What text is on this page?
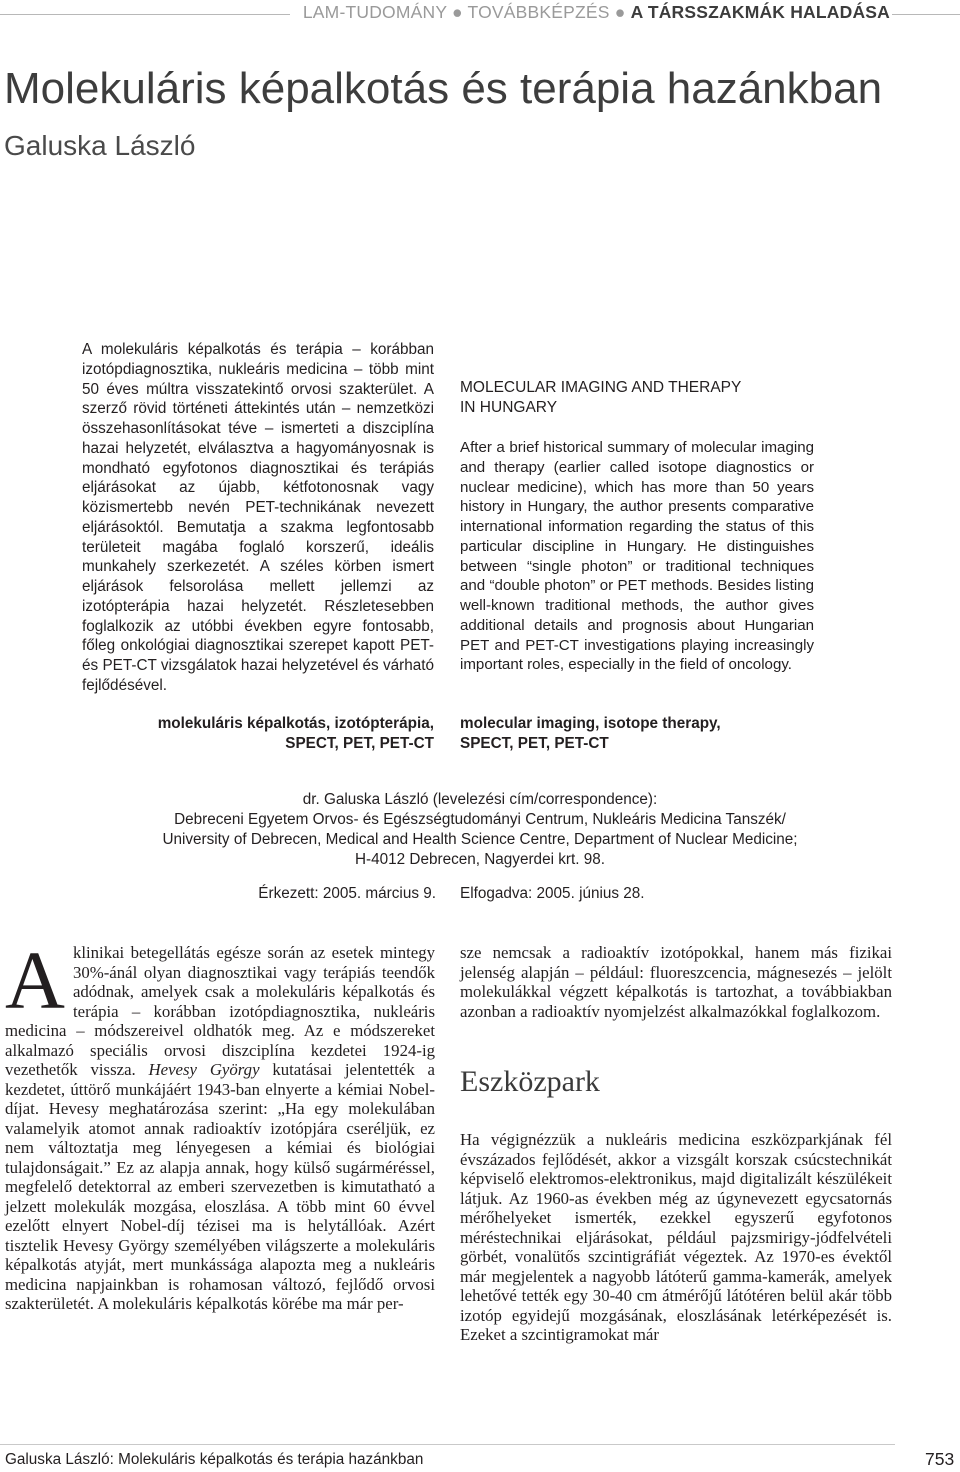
LAM-TUDOMÁNY ● TOVÁBBKÉPZÉS ● A TÁRSSZAKMÁK HALADÁSA
Molekuláris képalkotás és terápia hazánkban
Galuska László
A molekuláris képalkotás és terápia – korábban izotópdiagnosztika, nukleáris medicina – több mint 50 éves múltra visszatekintő orvosi szakterület. A szerző rövid történeti áttekintés után – nemzetközi összehasonlításokat téve – ismerteti a diszciplína hazai helyzetét, elválasztva a hagyományosnak is mondható egyfotonos diagnosztikai és terápiás eljárásokat az újabb, kétfotonosnak vagy közismertebb nevén PET-technikának nevezett eljárásoktól. Bemutatja a szakma legfontosabb területeit magába foglaló korszerű, ideális munkahely szerkezetét. A széles körben ismert eljárások felsorolása mellett jellemzi az izotópterápia hazai helyzetét. Részletesebben foglalkozik az utóbbi években egyre fontosabb, főleg onkológiai diagnosztikai szerepet kapott PET- és PET-CT vizsgálatok hazai helyzetével és várható fejlődésével.
molekuláris képalkotás, izotópterápia,
SPECT, PET, PET-CT
MOLECULAR IMAGING AND THERAPY
IN HUNGARY
After a brief historical summary of molecular imaging and therapy (earlier called isotope diagnostics or nuclear medicine), which has more than 50 years history in Hungary, the author presents comparative international information regarding the status of this particular discipline in Hungary. He distinguishes between “single photon” or traditional techniques and “double photon” or PET methods. Besides listing well-known traditional methods, the author gives additional details and prognosis about Hungarian PET and PET-CT investigations playing increasingly important roles, especially in the field of oncology.
molecular imaging, isotope therapy,
SPECT, PET, PET-CT
dr. Galuska László (levelezési cím/correspondence):
Debreceni Egyetem Orvos- és Egészségtudományi Centrum, Nukleáris Medicina Tanszék/
University of Debrecen, Medical and Health Science Centre, Department of Nuclear Medicine;
H-4012 Debrecen, Nagyerdei krt. 98.
Érkezett: 2005. március 9. Elfogadva: 2005. június 28.
Aklinikai betegellátás egésze során az esetek mintegy 30%-ánál olyan diagnosztikai vagy terápiás teendők adódnak, amelyek csak a molekuláris képalkotás és terápia – korábban izotópdiagnosztika, nukleáris medicina – módszereivel oldhatók meg. Az e módszereket alkalmazó speciális orvosi diszciplína kezdetei 1924-ig vezethetők vissza. Hevesy György kutatásai jelentették a kezdetet, úttörő munkájáért 1943-ban elnyerte a kémiai Nobel-díjat. Hevesy meghatározása szerint: „Ha egy molekulában valamelyik atomot annak radioaktív izotópjára cseréljük, ez nem változtatja meg lényegesen a kémiai és biológiai tulajdonságait.” Ez az alapja annak, hogy külső sugárméréssel, megfelelő detektorral az emberi szervezetben is kimutatható a jelzett molekulák mozgása, eloszlása. A több mint 60 évvel ezelőtt elnyert Nobel-díj tézisei ma is helytállóak. Azért tisztelik Hevesy György személyében világszerte a molekuláris képalkotás atyját, mert munkássága alapozta meg a nukleáris medicina napjainkban is rohamosan változó, fejlődő orvosi szakterületét. A molekuláris képalkotás körébe ma már per-

sze nemcsak a radioaktív izotópokkal, hanem más fizikai jelenség alapján – például: fluoreszcencia, mágnesezés – jelölt molekulákkal végzett képalkotás is tartozhat, a továbbiakban azonban a radioaktív nyomjelzést alkalmazókkal foglalkozom.

Eszközpark

Ha végignézzük a nukleáris medicina eszközparkjának fél évszázados fejlődését, akkor a vizsgált korszak csúcstechnikát képviselő elektromos-elektronikus, majd digitalizált készülékeit látjuk. Az 1960-as években még az úgynevezett egycsatornás mérőhelyeket ismerték, ezekkel egyszerű egyfotonos méréstechnikai eljárásokat, például pajzsmirigy-jódfelvételi görbét, vonalütős szcintigráfiát végeztek. Az 1970-es évektől már megjelentek a nagyobb látóterű gamma-kamerák, amelyek lehetővé tették egy 30-40 cm átmérőjű látótéren belül akár több izotóp egyidejű mozgásának, eloszlásának letérképezését is. Ezeket a szcintigramokat már

Galuska László: Molekuláris képalkotás és terápia hazánkban	753
